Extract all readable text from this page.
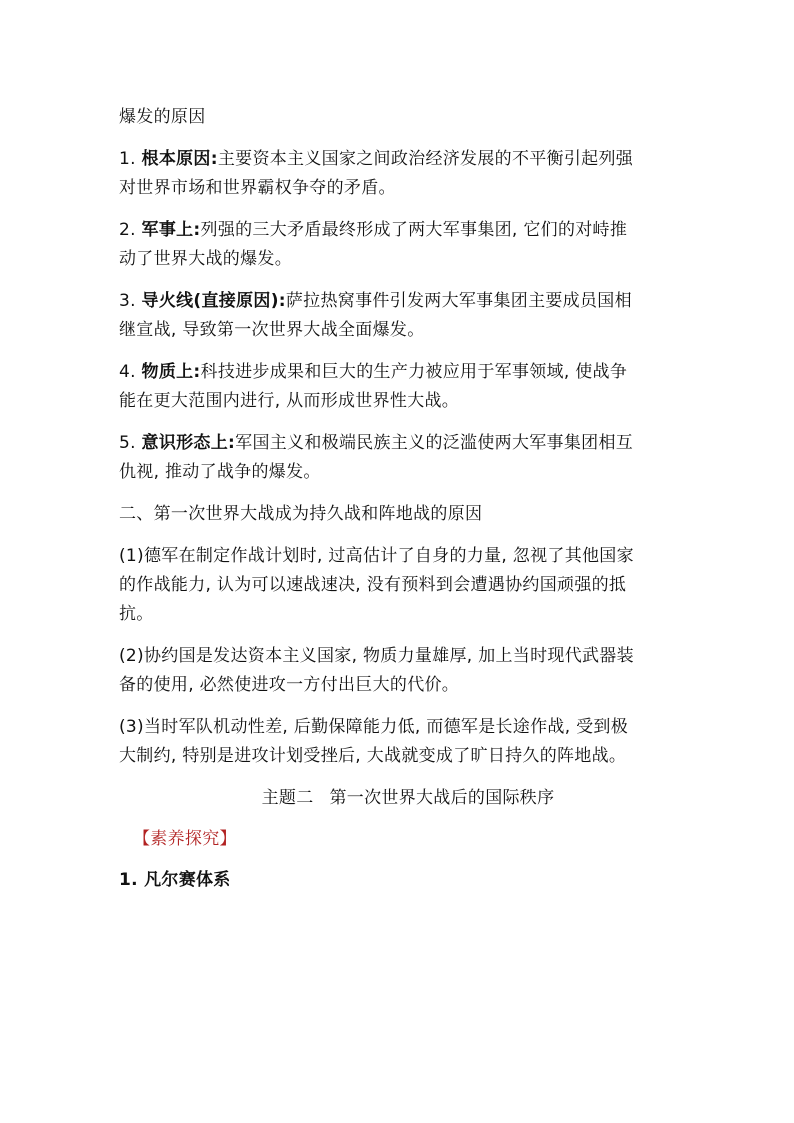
爆发的原因

1. 根本原因:主要资本主义国家之间政治经济发展的不平衡引起列强

对世界市场和世界霸权争夺的矛盾。

2. 军事上:列强的三大矛盾最终形成了两大军事集团, 它们的对峙推

动了世界大战的爆发。

3. 导火线(直接原因):萨拉热窝事件引发两大军事集团主要成员国相

继宣战, 导致第一次世界大战全面爆发。

4. 物质上:科技进步成果和巨大的生产力被应用于军事领域, 使战争

能在更大范围内进行, 从而形成世界性大战。

5. 意识形态上:军国主义和极端民族主义的泛滥使两大军事集团相互

仇视, 推动了战争的爆发。

二、第一次世界大战成为持久战和阵地战的原因

(1)德军在制定作战计划时, 过高估计了自身的力量, 忽视了其他国家

的作战能力, 认为可以速战速决, 没有预料到会遭遇协约国顽强的抵

抗。

(2)协约国是发达资本主义国家, 物质力量雄厚, 加上当时现代武器装

备的使用, 必然使进攻一方付出巨大的代价。

(3)当时军队机动性差, 后勤保障能力低, 而德军是长途作战, 受到极

大制约, 特别是进攻计划受挫后, 大战就变成了旷日持久的阵地战。

主题二 第一次世界大战后的国际秩序

【素养探究】

1. 凡尔赛体系
